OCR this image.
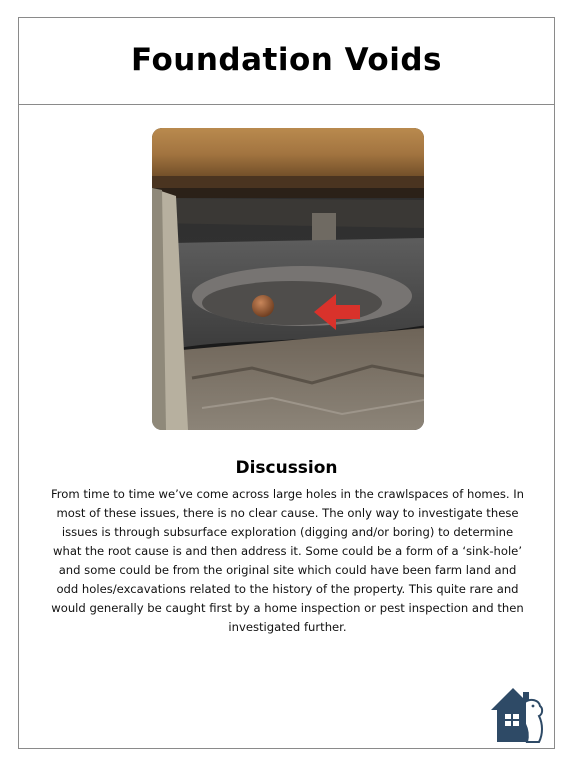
Foundation Voids
Discussion

From time to time we’ve come across large holes in the crawlspaces of homes. In most of these issues, there is no clear cause. The only way to investigate these issues is through subsurface exploration (digging and/or boring) to determine what the root cause is and then address it. Some could be a form of a ‘sink-hole’ and some could be from the original site which could have been farm land and odd holes/excavations related to the history of the property. This quite rare and would generally be caught first by a home inspection or pest inspection and then investigated further.
